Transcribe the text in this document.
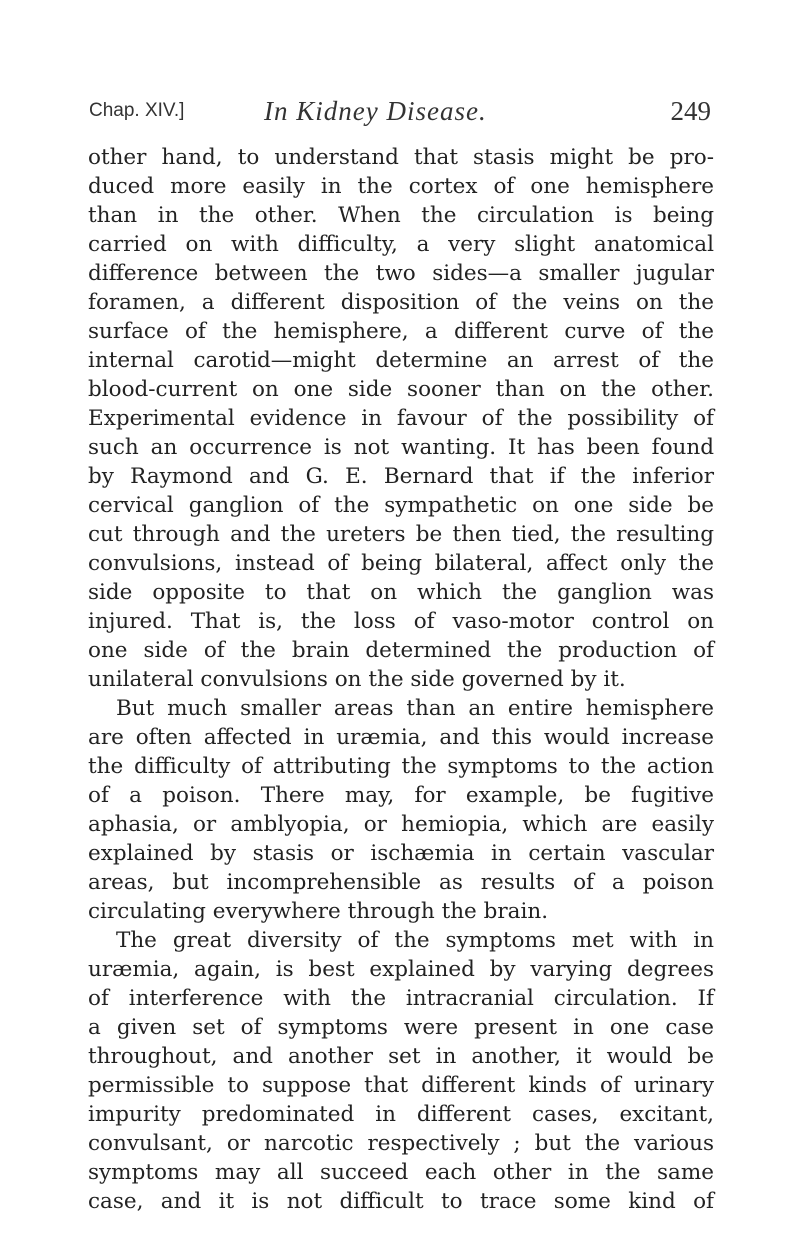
Chap. XIV.]	In Kidney Disease.	249
other hand, to understand that stasis might be pro-
duced more easily in the cortex of one hemisphere
than in the other. When the circulation is being
carried on with difficulty, a very slight anatomical
difference between the two sides—a smaller jugular
foramen, a different disposition of the veins on the
surface of the hemisphere, a different curve of the
internal carotid—might determine an arrest of the
blood-current on one side sooner than on the other.
Experimental evidence in favour of the possibility of
such an occurrence is not wanting. It has been found
by Raymond and G. E. Bernard that if the inferior
cervical ganglion of the sympathetic on one side be
cut through and the ureters be then tied, the resulting
convulsions, instead of being bilateral, affect only the
side opposite to that on which the ganglion was
injured. That is, the loss of vaso-motor control on
one side of the brain determined the production of
unilateral convulsions on the side governed by it.
But much smaller areas than an entire hemisphere
are often affected in uræmia, and this would increase
the difficulty of attributing the symptoms to the action
of a poison. There may, for example, be fugitive
aphasia, or amblyopia, or hemiopia, which are easily
explained by stasis or ischæmia in certain vascular
areas, but incomprehensible as results of a poison
circulating everywhere through the brain.
The great diversity of the symptoms met with in
uræmia, again, is best explained by varying degrees
of interference with the intracranial circulation. If
a given set of symptoms were present in one case
throughout, and another set in another, it would be
permissible to suppose that different kinds of urinary
impurity predominated in different cases, excitant,
convulsant, or narcotic respectively ; but the various
symptoms may all succeed each other in the same
case, and it is not difficult to trace some kind of
